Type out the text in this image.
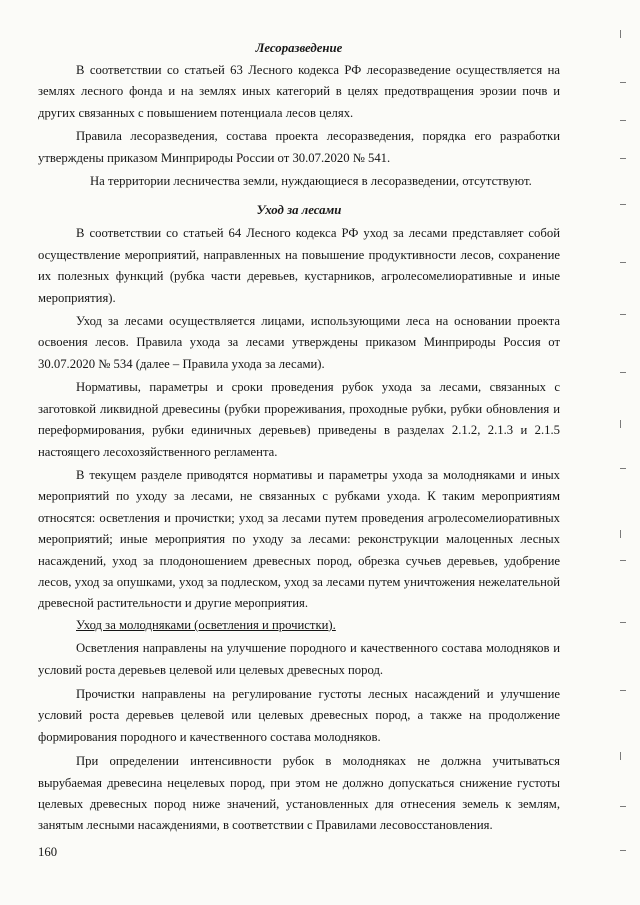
Лесоразведение

В соответствии со статьей 63 Лесного кодекса РФ лесоразведение осуществляется на землях лесного фонда и на землях иных категорий в целях предотвращения эрозии почв и других связанных с повышением потенциала лесов целях.

Правила лесоразведения, состава проекта лесоразведения, порядка его разработки утверждены приказом Минприроды России от 30.07.2020 № 541.

На территории лесничества земли, нуждающиеся в лесоразведении, отсутствуют.

Уход за лесами

В соответствии со статьей 64 Лесного кодекса РФ уход за лесами представляет собой осуществление мероприятий, направленных на повышение продуктивности лесов, сохранение их полезных функций (рубка части деревьев, кустарников, агролесомелиоративные и иные мероприятия).

Уход за лесами осуществляется лицами, использующими леса на основании проекта освоения лесов. Правила ухода за лесами утверждены приказом Минприроды Россия от 30.07.2020 № 534 (далее – Правила ухода за лесами).

Нормативы, параметры и сроки проведения рубок ухода за лесами, связанных с заготовкой ликвидной древесины (рубки прореживания, проходные рубки, рубки обновления и переформирования, рубки единичных деревьев) приведены в разделах 2.1.2, 2.1.3 и 2.1.5 настоящего лесохозяйственного регламента.

В текущем разделе приводятся нормативы и параметры ухода за молодняками и иных мероприятий по уходу за лесами, не связанных с рубками ухода. К таким мероприятиям относятся: осветления и прочистки; уход за лесами путем проведения агролесомелиоративных мероприятий; иные мероприятия по уходу за лесами: реконструкции малоценных лесных насаждений, уход за плодоношением древесных пород, обрезка сучьев деревьев, удобрение лесов, уход за опушками, уход за подлеском, уход за лесами путем уничтожения нежелательной древесной растительности и другие мероприятия.

Уход за молодняками (осветления и прочистки).

Осветления направлены на улучшение породного и качественного состава молодняков и условий роста деревьев целевой или целевых древесных пород.

Прочистки направлены на регулирование густоты лесных насаждений и улучшение условий роста деревьев целевой или целевых древесных пород, а также на продолжение формирования породного и качественного состава молодняков.

При определении интенсивности рубок в молодняках не должна учитываться вырубаемая древесина нецелевых пород, при этом не должно допускаться снижение густоты целевых древесных пород ниже значений, установленных для отнесения земель к землям, занятым лесными насаждениями, в соответствии с Правилами лесовосстановления.

160
